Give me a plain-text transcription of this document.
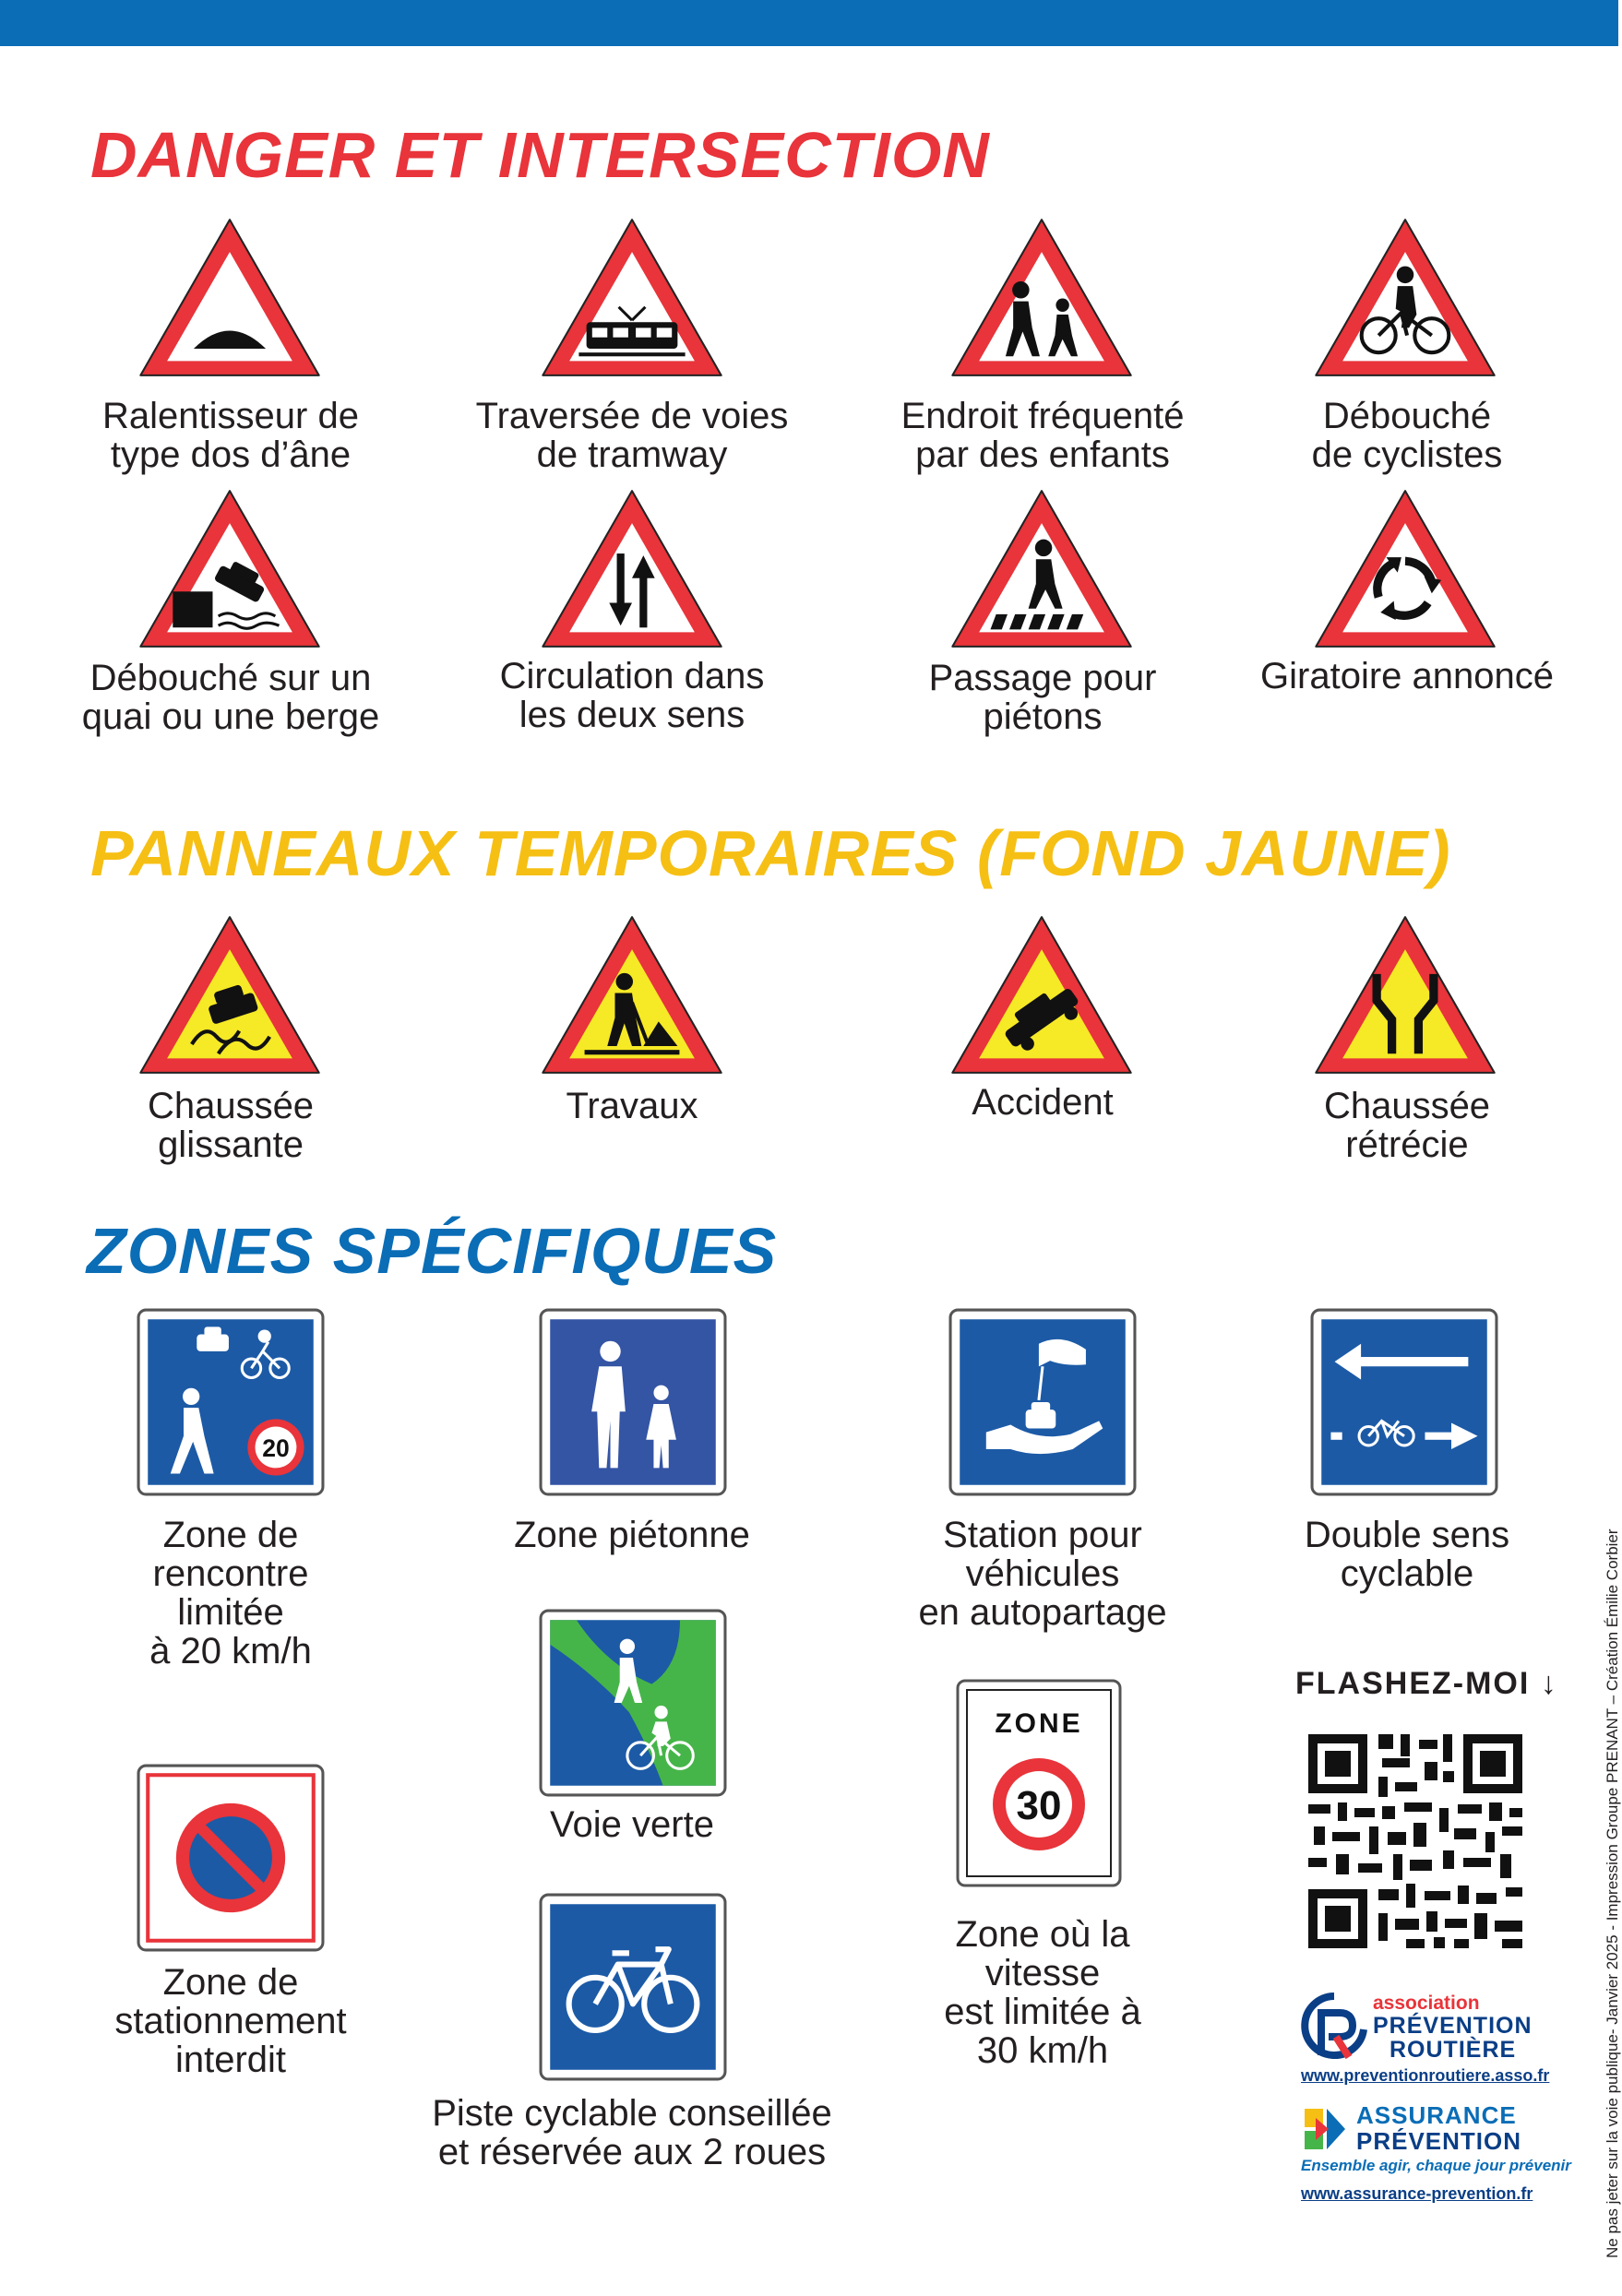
DANGER ET INTERSECTION
PANNEAUX TEMPORAIRES (FOND JAUNE)
ZONES SPÉCIFIQUES
Ralentisseur de
type dos d’âne
Traversée de voies
de tramway
Endroit fréquenté
par des enfants
Débouché
de cyclistes
Débouché sur un
quai ou une berge
Circulation dans
les deux sens
Passage pour
piétons
Giratoire annoncé
Chaussée
glissante
Travaux	Accident	Chaussée
rétrécie
20
Zone de
rencontre
limitée
à 20 km/h
Zone piétonne	Station pour
véhicules
en autopartage
Double sens
cyclable
Voie verte
ZONE
30
Zone où la
vitesse
est limitée à
30 km/h
Zone de
stationnement
interdit
Piste cyclable conseillée
et réservée aux 2 roues
FLASHEZ-MOI ↓
association
PRÉVENTION
ROUTIÈRE
www.preventionroutiere.asso.fr
ASSURANCE
PRÉVENTION
Ensemble agir, chaque jour prévenir
www.assurance-prevention.fr	Ne pas jeter sur la voie publique- Janvier 2025 - Impression Groupe PRENANT – Création Émilie Corbier
